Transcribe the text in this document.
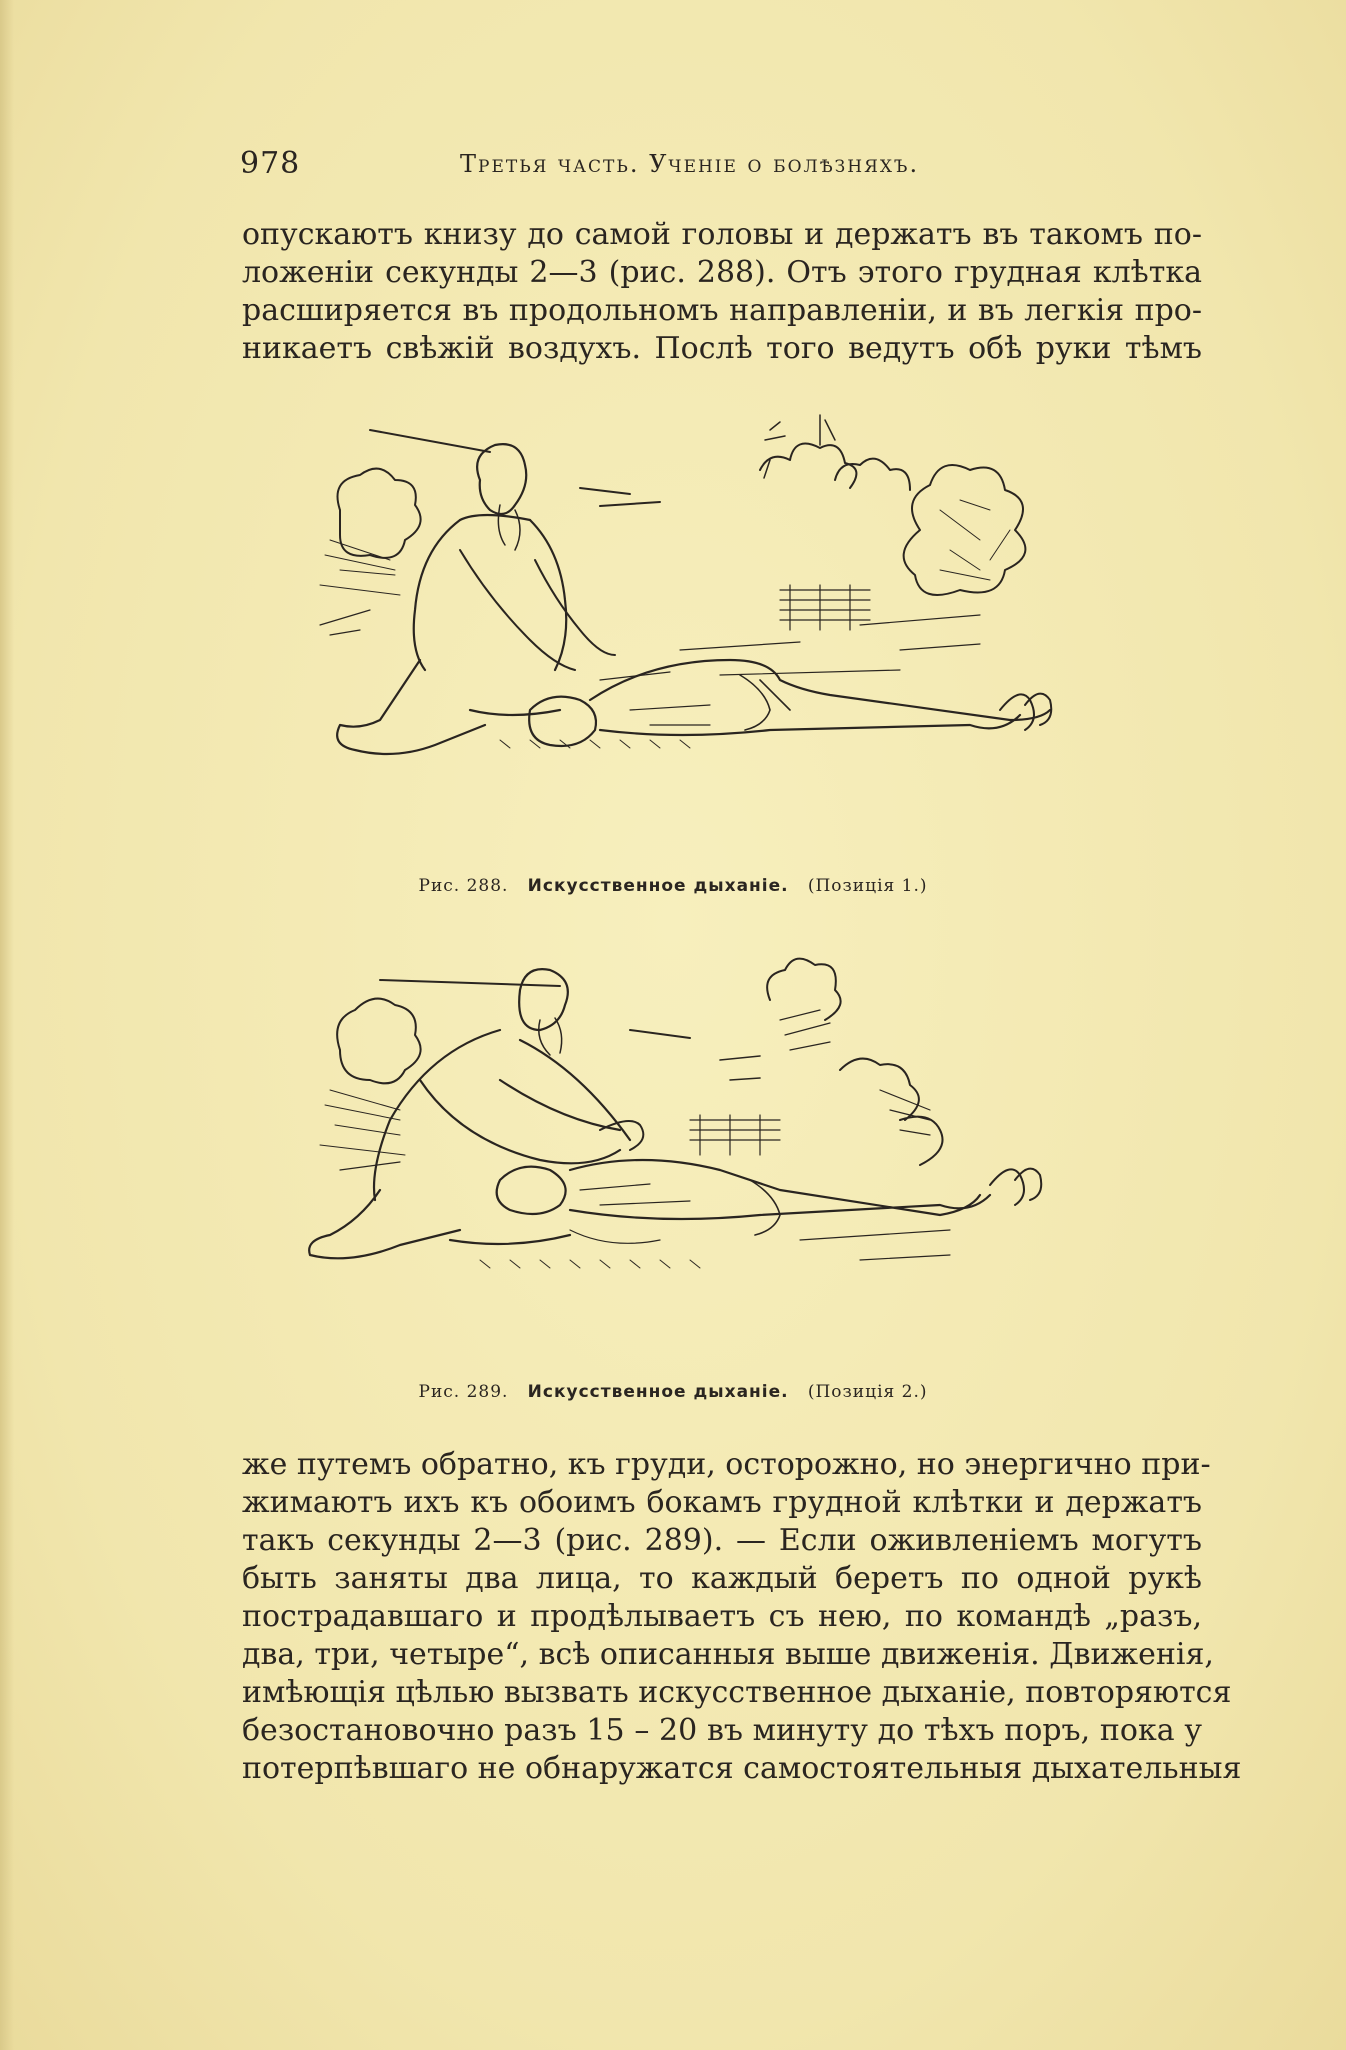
978	Третья часть. Ученіе о болѣзняхъ.
опускаютъ книзу до самой головы и держатъ въ такомъ по-
ложеніи секунды 2—3 (рис. 288). Отъ этого грудная клѣтка
расширяется въ продольномъ направленіи, и въ легкія про-
никаетъ свѣжій воздухъ. Послѣ того ведутъ обѣ руки тѣмъ
Рис. 288. Искусственное дыханіе. (Позиція 1.)
Рис. 289. Искусственное дыханіе. (Позиція 2.)
же путемъ обратно, къ груди, осторожно, но энергично при-
жимаютъ ихъ къ обоимъ бокамъ грудной клѣтки и держатъ
такъ секунды 2—3 (рис. 289). — Если оживленіемъ могутъ
быть заняты два лица, то каждый беретъ по одной рукѣ
пострадавшаго и продѣлываетъ съ нею, по командѣ „разъ,
два, три, четыре“, всѣ описанныя выше движенія. Движенія,
имѣющія цѣлью вызвать искусственное дыханіе, повторяются
безостановочно разъ 15 – 20 въ минуту до тѣхъ поръ, пока у
потерпѣвшаго не обнаружатся самостоятельныя дыхательныя
